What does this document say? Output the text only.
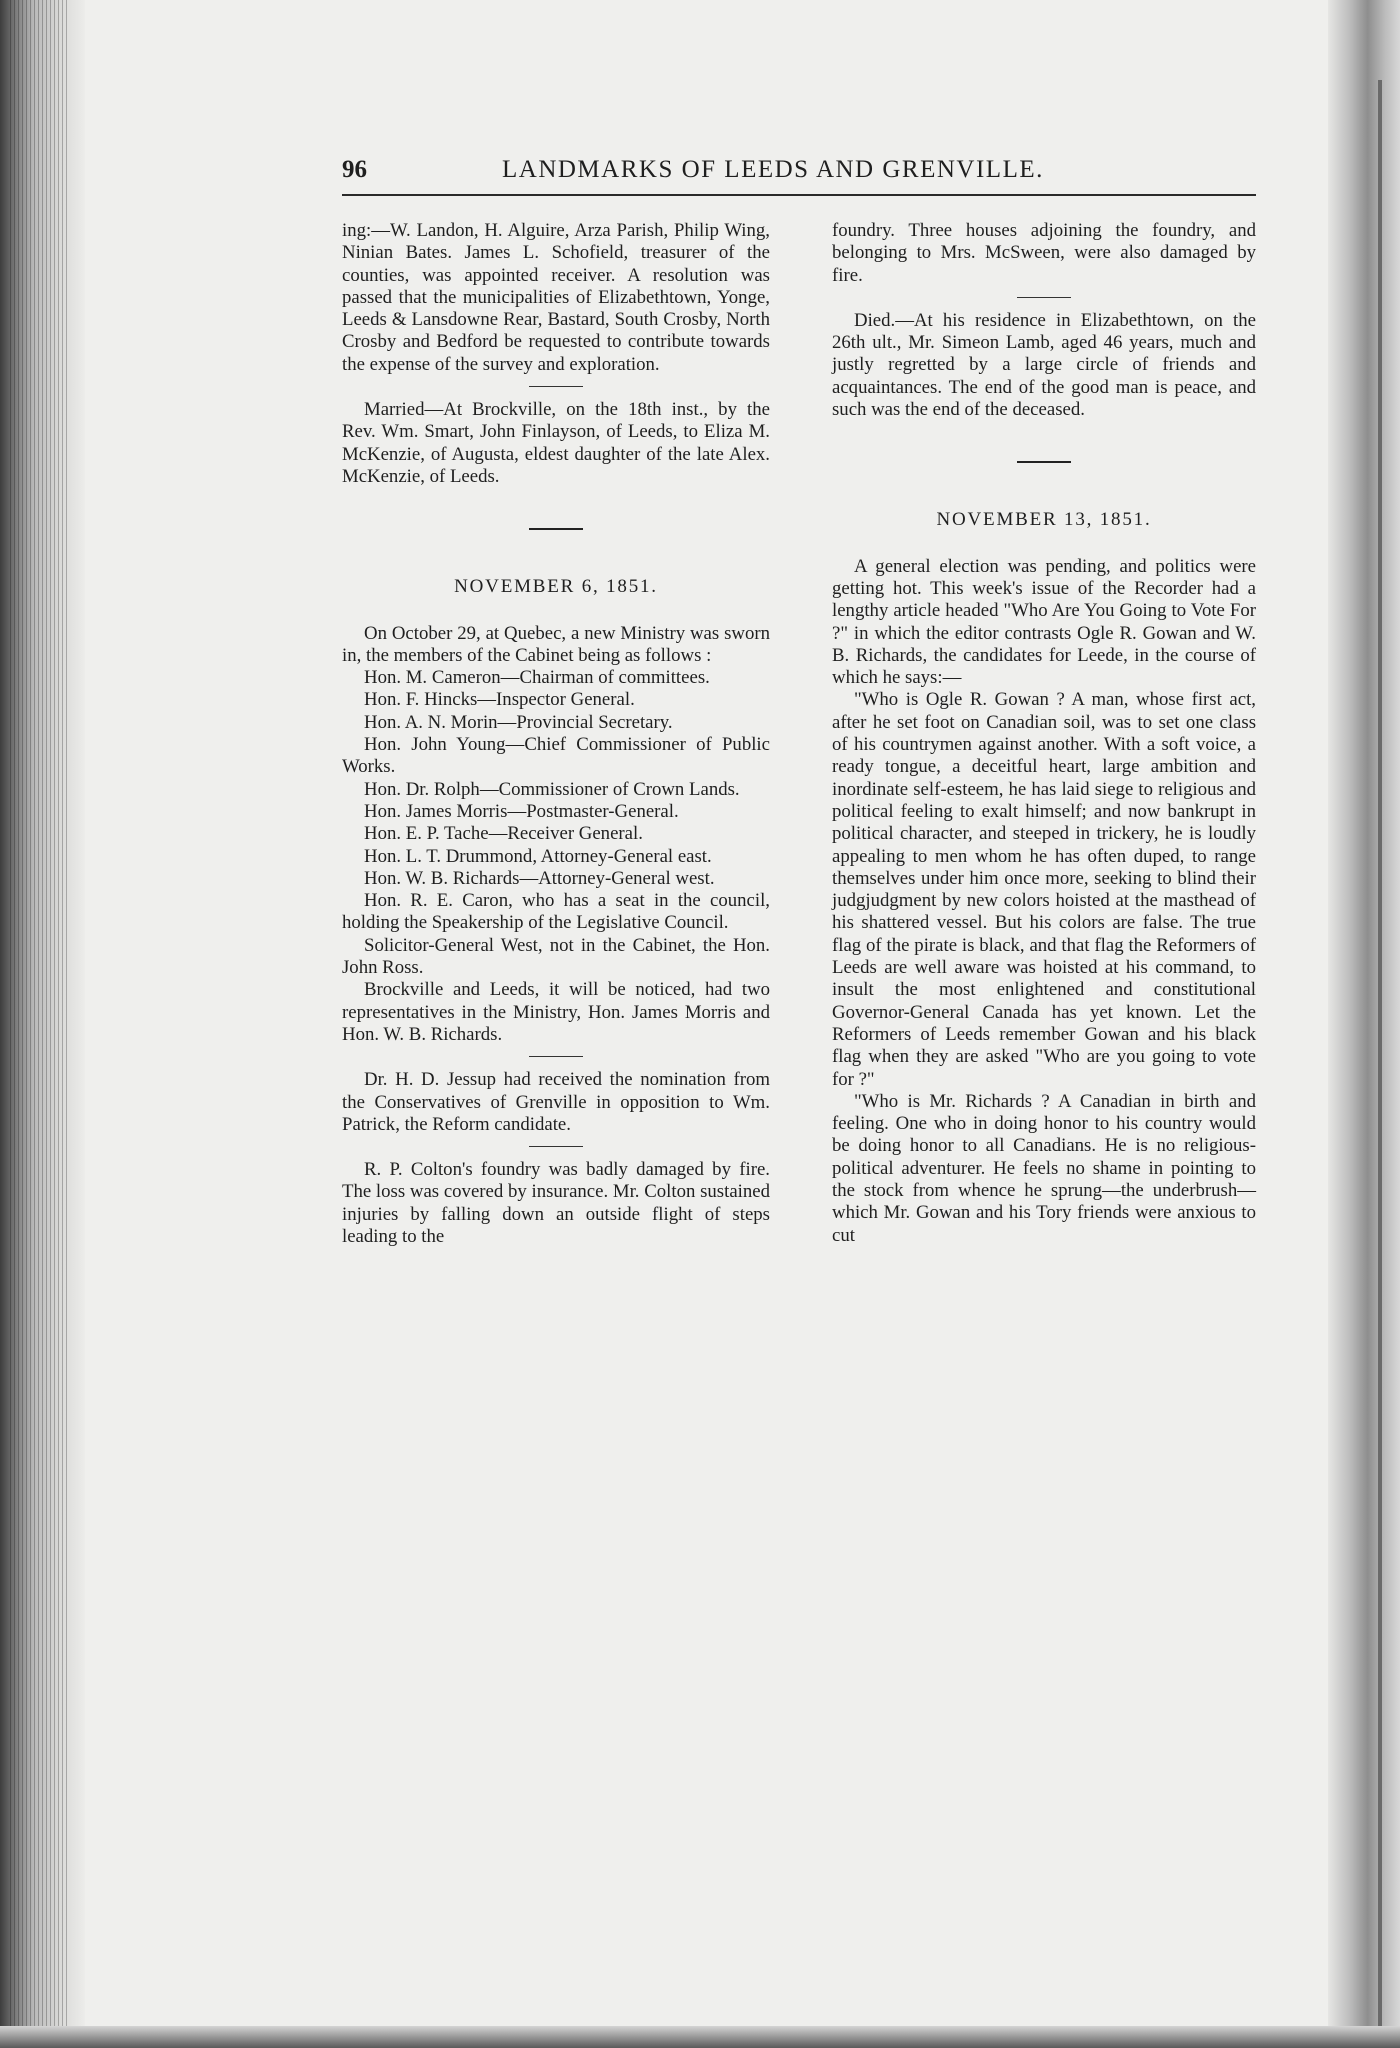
96	LANDMARKS OF LEEDS AND GRENVILLE.

ing:—W. Landon, H. Alguire, Arza Parish, Philip Wing, Ninian Bates. James L. Schofield, treasurer of the counties, was appointed receiver. A resolution was passed that the municipalities of Elizabethtown, Yonge, Leeds & Lansdowne Rear, Bastard, South Crosby, North Crosby and Bedford be requested to contribute towards the expense of the survey and exploration.

Married—At Brockville, on the 18th inst., by the Rev. Wm. Smart, John Finlayson, of Leeds, to Eliza M. McKenzie, of Augusta, eldest daughter of the late Alex. McKenzie, of Leeds.

NOVEMBER 6, 1851.

On October 29, at Quebec, a new Ministry was sworn in, the members of the Cabinet being as follows :

Hon. M. Cameron—Chairman of committees.

Hon. F. Hincks—Inspector General.

Hon. A. N. Morin—Provincial Secretary.

Hon. John Young—Chief Commissioner of Public Works.

Hon. Dr. Rolph—Commissioner of Crown Lands.

Hon. James Morris—Postmaster-General.

Hon. E. P. Tache—Receiver General.

Hon. L. T. Drummond, Attorney-General east.

Hon. W. B. Richards—Attorney-General west.

Hon. R. E. Caron, who has a seat in the council, holding the Speakership of the Legislative Council.

Solicitor-General West, not in the Cabinet, the Hon. John Ross.

Brockville and Leeds, it will be noticed, had two representatives in the Ministry, Hon. James Morris and Hon. W. B. Richards.

Dr. H. D. Jessup had received the nomination from the Conservatives of Grenville in opposition to Wm. Patrick, the Reform candidate.

R. P. Colton's foundry was badly damaged by fire. The loss was covered by insurance. Mr. Colton sustained injuries by falling down an outside flight of steps leading to the

foundry. Three houses adjoining the foundry, and belonging to Mrs. McSween, were also damaged by fire.

Died.—At his residence in Elizabethtown, on the 26th ult., Mr. Simeon Lamb, aged 46 years, much and justly regretted by a large circle of friends and acquaintances. The end of the good man is peace, and such was the end of the deceased.

NOVEMBER 13, 1851.

A general election was pending, and politics were getting hot. This week's issue of the Recorder had a lengthy article headed "Who Are You Going to Vote For ?" in which the editor contrasts Ogle R. Gowan and W. B. Richards, the candidates for Leede, in the course of which he says:—

"Who is Ogle R. Gowan ? A man, whose first act, after he set foot on Canadian soil, was to set one class of his countrymen against another. With a soft voice, a ready tongue, a deceitful heart, large ambition and inordinate self-esteem, he has laid siege to religious and political feeling to exalt himself; and now bankrupt in political character, and steeped in trickery, he is loudly appealing to men whom he has often duped, to range themselves under him once more, seeking to blind their judgjudgment by new colors hoisted at the masthead of his shattered vessel. But his colors are false. The true flag of the pirate is black, and that flag the Reformers of Leeds are well aware was hoisted at his command, to insult the most enlightened and constitutional Governor-General Canada has yet known. Let the Reformers of Leeds remember Gowan and his black flag when they are asked "Who are you going to vote for ?"

"Who is Mr. Richards ? A Canadian in birth and feeling. One who in doing honor to his country would be doing honor to all Canadians. He is no religious-political adventurer. He feels no shame in pointing to the stock from whence he sprung—the underbrush—which Mr. Gowan and his Tory friends were anxious to cut
